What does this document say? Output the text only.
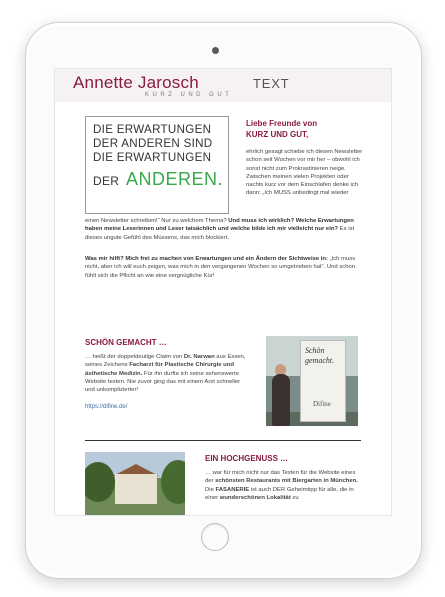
Annette Jarosch	TEXT
KURZ UND GUT
DIE ERWARTUNGEN
DER ANDEREN SIND
DIE ERWARTUNGEN
DER ANDEREN.
Liebe Freunde von
KURZ UND GUT,
ehrlich gesagt schiebe ich diesen Newsletter schon seit Wochen vor mir her – obwohl ich sonst nicht zum Prokrastinieren neige. Zwischen meinen vielen Projekten oder nachts kurz vor dem Einschlafen denke ich dann: „Ich MUSS unbedingt mal wieder
einen Newsletter schreiben!“ Nur zu welchem Thema? Und muss ich wirklich? Welche Erwartungen haben meine Leserinnen und Leser tatsächlich und welche bilde ich mir vielleicht nur ein? Es ist dieses ungute Gefühl des Müssens, das mich blockiert.
Was mir hilft? Mich frei zu machen von Erwartungen und ein Ändern der Sichtweise in: „Ich muss nicht, aber ich will euch zeigen, was mich in den vergangenen Wochen so umgetrieben hat“. Und schon fühlt sich die Pflicht an wie eine vergnügliche Kür!
SCHÖN GEMACHT …
… heißt der doppeldeutige Claim von Dr. Narwan aus Essen, seines Zeichens Facharzt für Plastische Chirurgie und ästhetische Medizin. Für ihn durfte ich seine sehenswerte Website texten. Nie zuvor ging das mit einem Arzt schneller und unkomplizierter!
https://difine.de/
Schön
gemacht.
Difine
EIN HOCHGENUSS …
… war für mich nicht nur das Texten für die Website eines der schönsten Restaurants mit Biergarten in München. Die FASANERIE ist auch DER Geheimtipp für alle, die in einer wunderschönen Lokalität zu
